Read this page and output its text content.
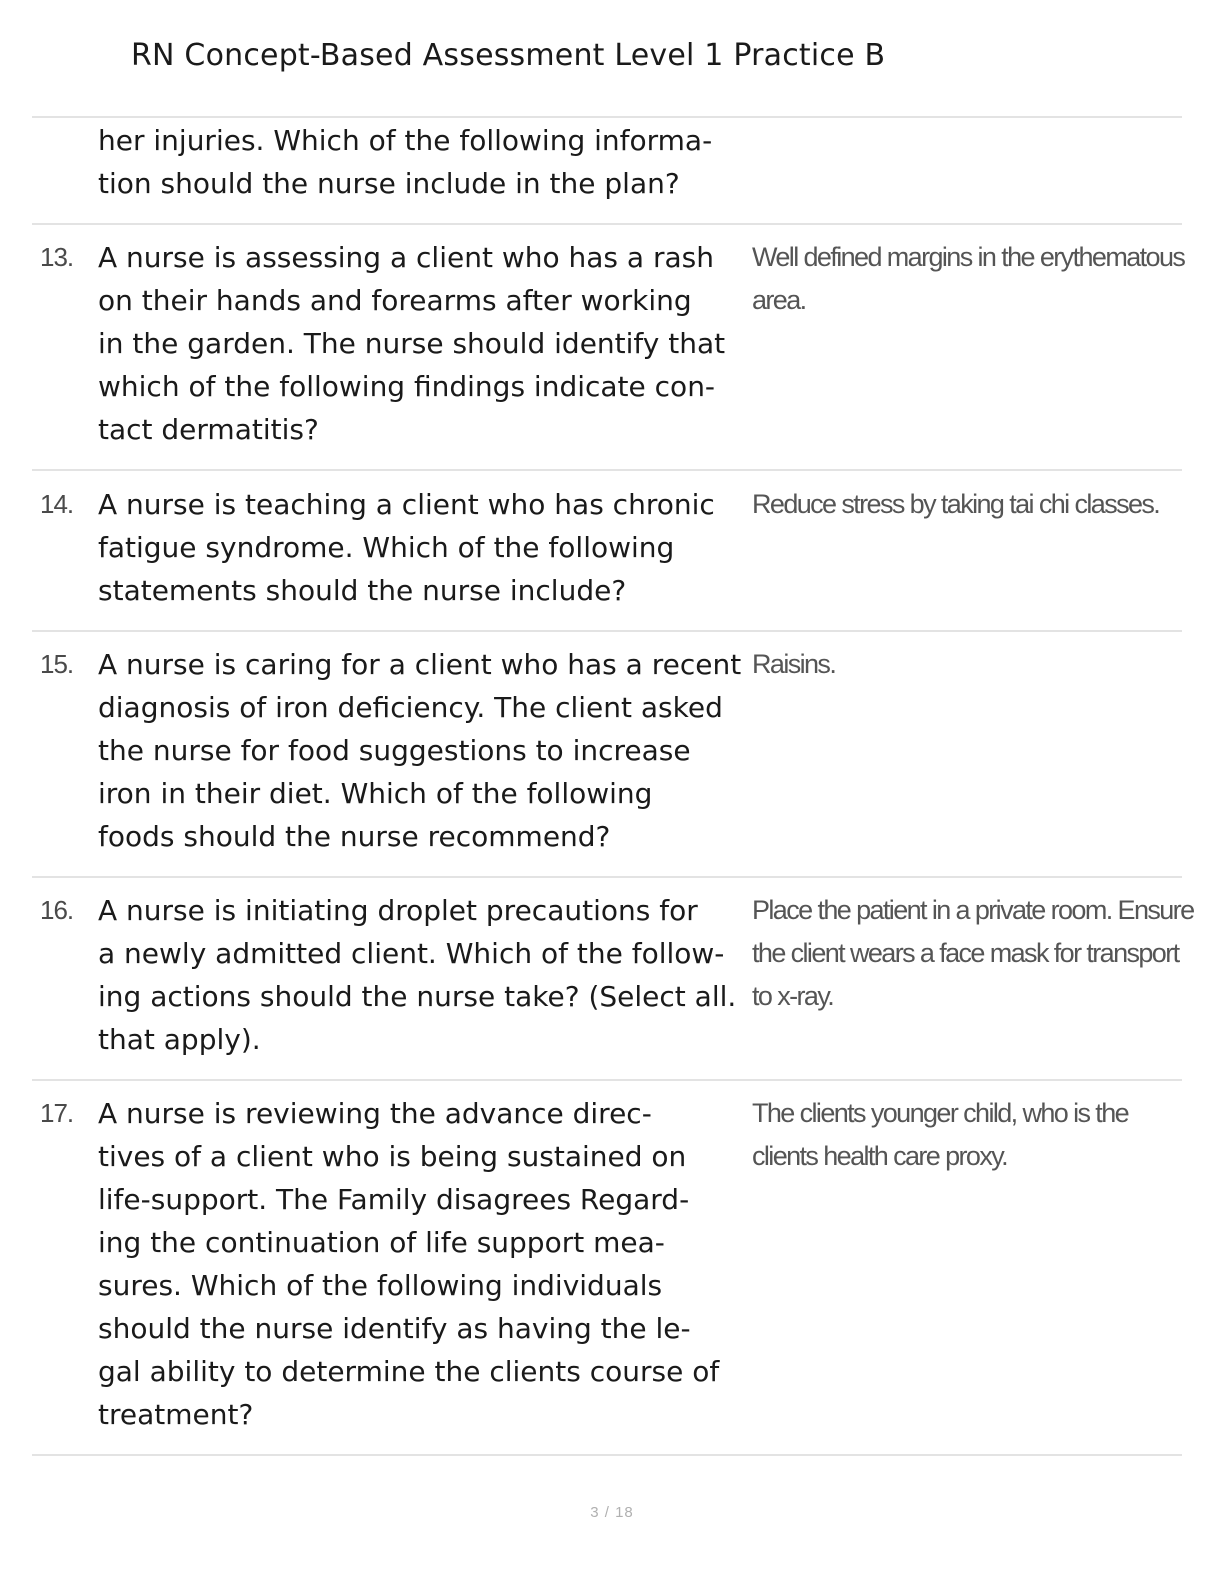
RN Concept-Based Assessment Level 1 Practice B
her injuries. Which of the following informa-
tion should the nurse include in the plan?
13. A nurse is assessing a client who has a rash
on their hands and forearms after working
in the garden. The nurse should identify that
which of the following findings indicate con-
tact dermatitis?
Well defined margins in the erythematous
area.
14. A nurse is teaching a client who has chronic
fatigue syndrome. Which of the following
statements should the nurse include?
Reduce stress by taking tai chi classes.
15. A nurse is caring for a client who has a recent
diagnosis of iron deficiency. The client asked
the nurse for food suggestions to increase
iron in their diet. Which of the following
foods should the nurse recommend?
Raisins.
16. A nurse is initiating droplet precautions for
a newly admitted client. Which of the follow-
ing actions should the nurse take? (Select all.
that apply).
Place the patient in a private room. Ensure
the client wears a face mask for transport
to x-ray.
17. A nurse is reviewing the advance direc-
tives of a client who is being sustained on
life-support. The Family disagrees Regard-
ing the continuation of life support mea-
sures. Which of the following individuals
should the nurse identify as having the le-
gal ability to determine the clients course of
treatment?
The clients younger child, who is the
clients health care proxy.
3 / 18
